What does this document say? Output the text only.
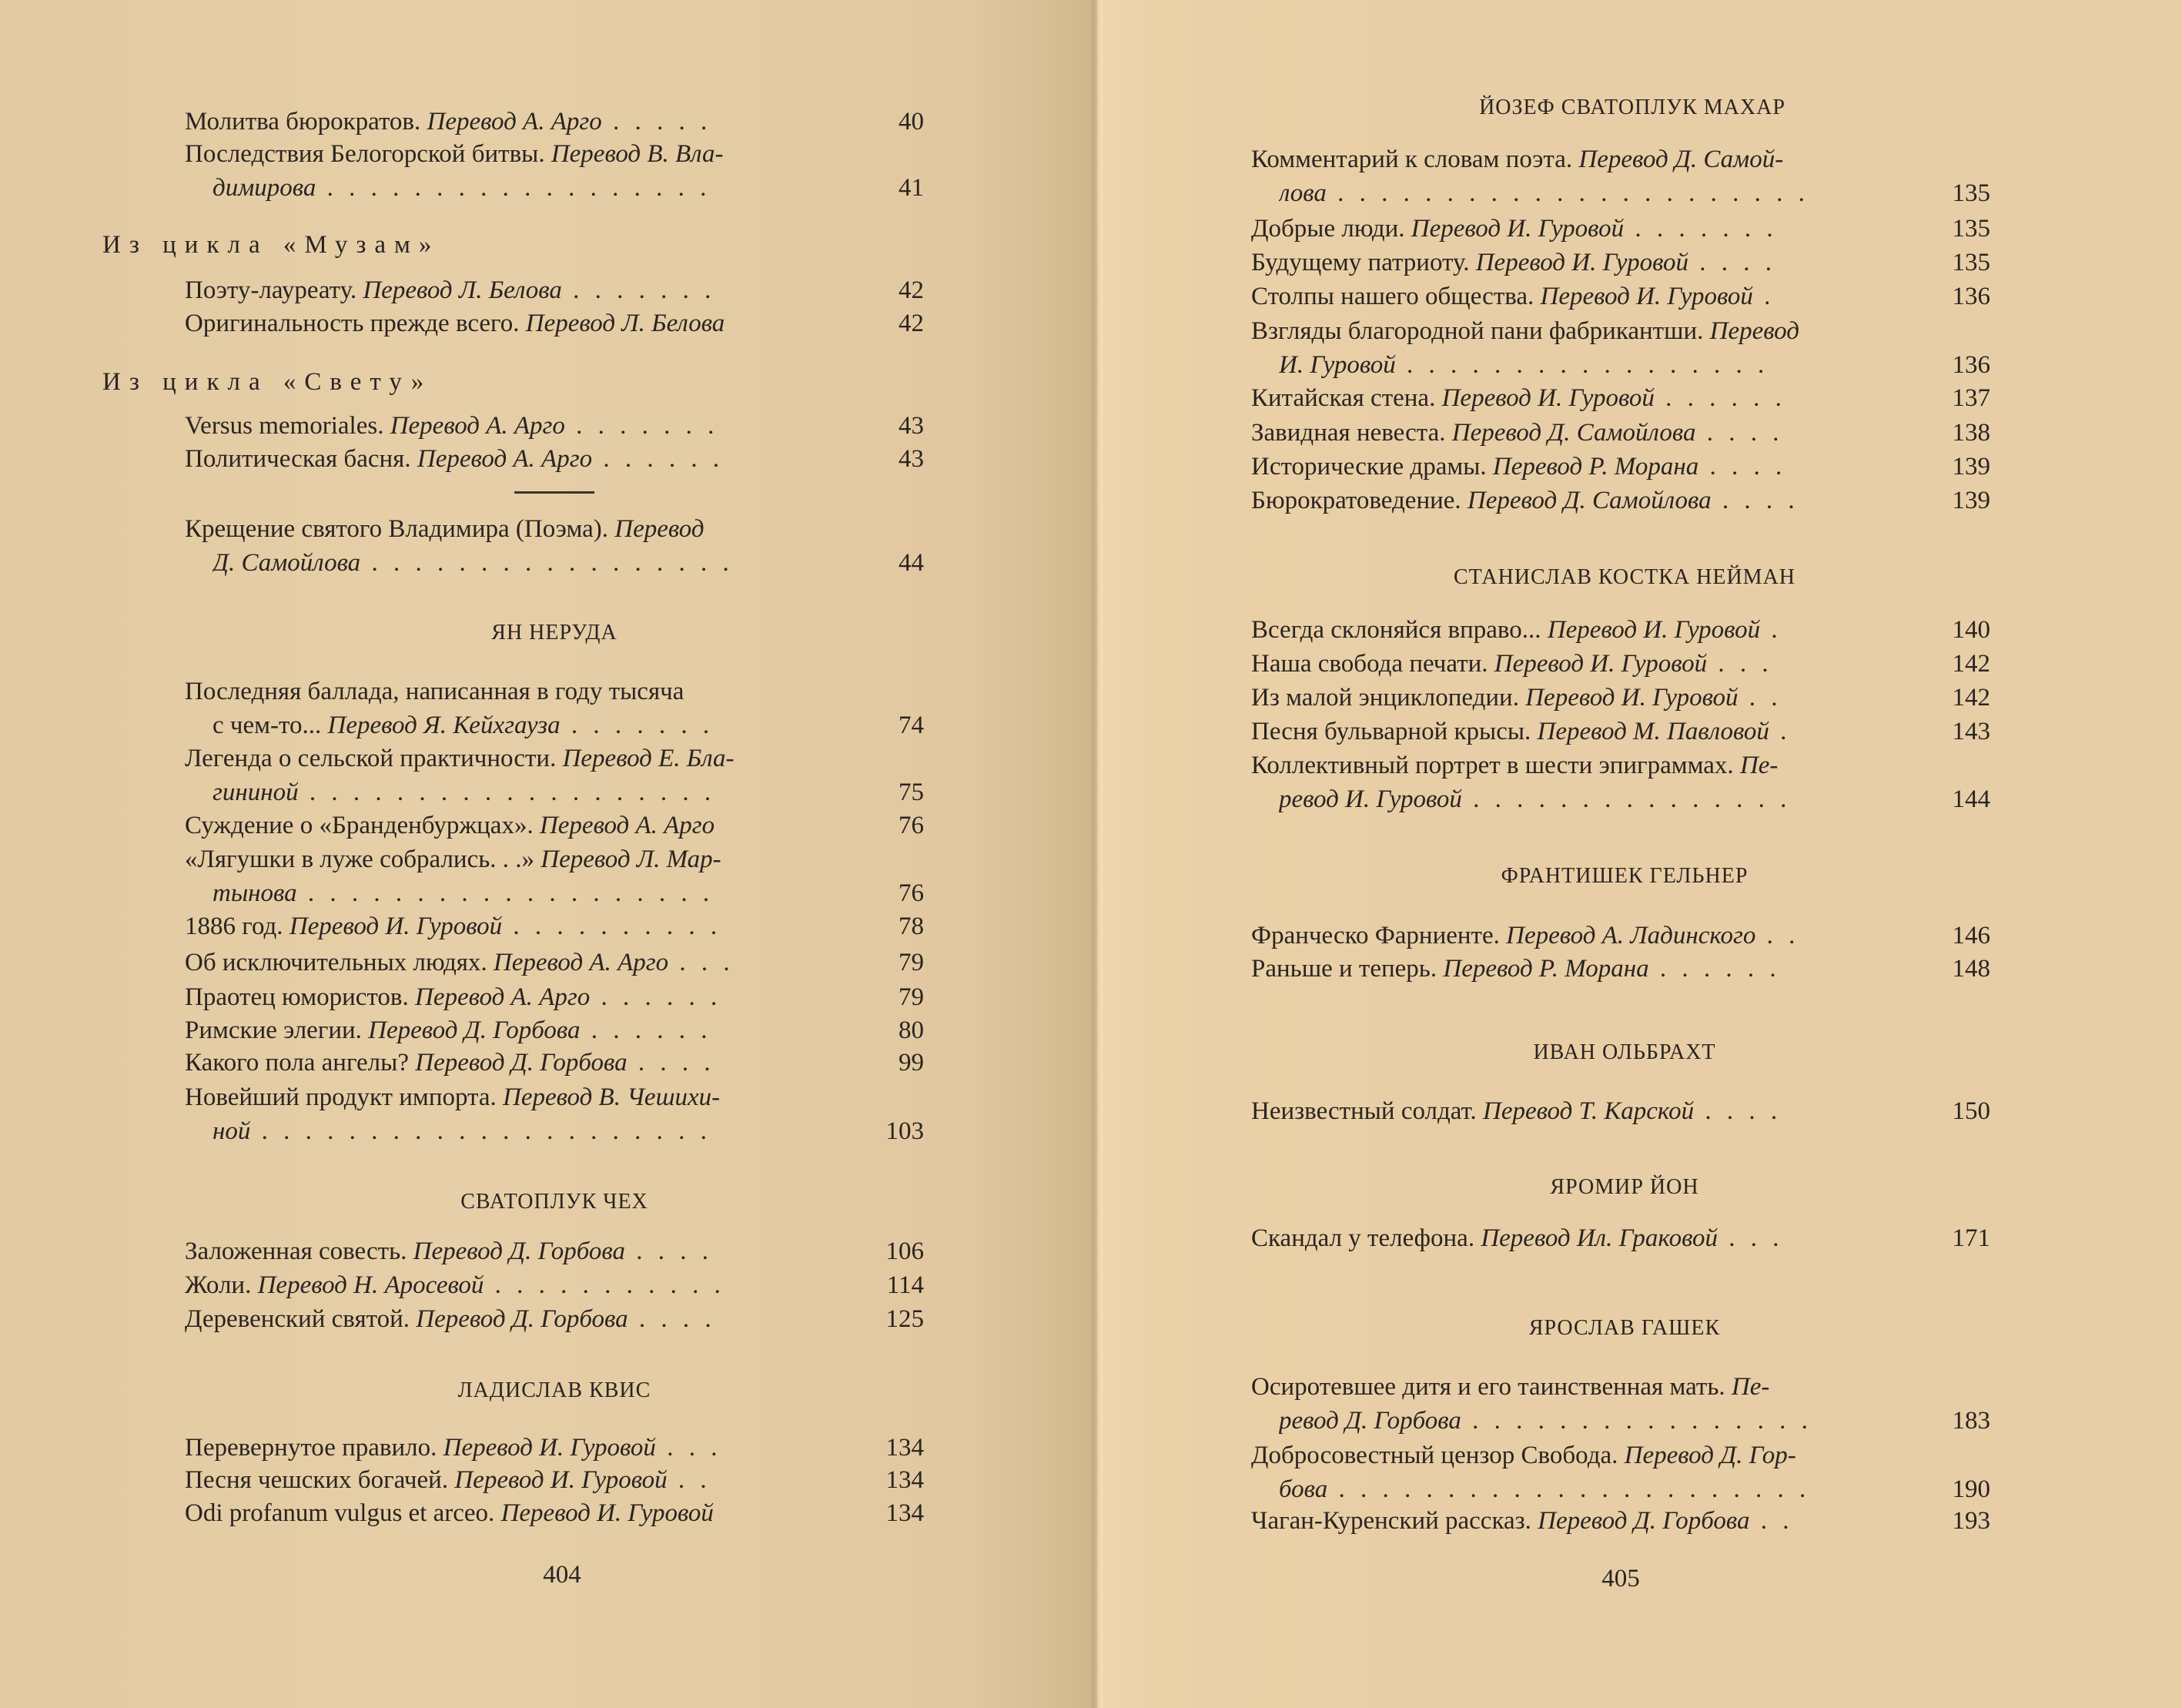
Молитва бюрократов. Перевод А. Арго . . . . .	40
Последствия Белогорской битвы. Перевод В. Вла-
димирова . . . . . . . . . . . . . . . . . .	41
Из цикла «Музам»
Поэту-лауреату. Перевод Л. Белова . . . . . . .	42
Оригинальность прежде всего. Перевод Л. Белова	42
Из цикла «Свету»
Versus memoriales. Перевод А. Арго . . . . . . .	43
Политическая басня. Перевод А. Арго . . . . . .	43
Крещение святого Владимира (Поэма). Перевод
Д. Самойлова . . . . . . . . . . . . . . . . .	44
ЯН НЕРУДА
Последняя баллада, написанная в году тысяча
с чем-то... Перевод Я. Кейхгауза . . . . . . .	74
Легенда о сельской практичности. Перевод Е. Бла-
гининой . . . . . . . . . . . . . . . . . . .	75
Суждение о «Бранденбуржцах». Перевод А. Арго	76
«Лягушки в луже собрались. . .» Перевод Л. Мар-
тынова . . . . . . . . . . . . . . . . . . .	76
1886 год. Перевод И. Гуровой . . . . . . . . . .	78
Об исключительных людях. Перевод А. Арго . . .	79
Праотец юмористов. Перевод А. Арго . . . . . .	79
Римские элегии. Перевод Д. Горбова . . . . . .	80
Какого пола ангелы? Перевод Д. Горбова . . . .	99
Новейший продукт импорта. Перевод В. Чешихи-
ной . . . . . . . . . . . . . . . . . . . . .	103
СВАТОПЛУК ЧЕХ
Заложенная совесть. Перевод Д. Горбова . . . .	106
Жоли. Перевод Н. Аросевой . . . . . . . . . . .	114
Деревенский святой. Перевод Д. Горбова . . . .	125
ЛАДИСЛАВ КВИС
Перевернутое правило. Перевод И. Гуровой . . .	134
Песня чешских богачей. Перевод И. Гуровой . .	134
Odi profanum vulgus et arceo. Перевод И. Гуровой	134
404
ЙОЗЕФ СВАТОПЛУК МАХАР
Комментарий к словам поэта. Перевод Д. Самой-
лова . . . . . . . . . . . . . . . . . . . . . .	135
Добрые люди. Перевод И. Гуровой . . . . . . .	135
Будущему патриоту. Перевод И. Гуровой . . . .	135
Столпы нашего общества. Перевод И. Гуровой .	136
Взгляды благородной пани фабрикантши. Перевод
И. Гуровой . . . . . . . . . . . . . . . . .	136
Китайская стена. Перевод И. Гуровой . . . . . .	137
Завидная невеста. Перевод Д. Самойлова . . . .	138
Исторические драмы. Перевод Р. Морана . . . .	139
Бюрократоведение. Перевод Д. Самойлова . . . .	139
СТАНИСЛАВ КОСТКА НЕЙМАН
Всегда склоняйся вправо... Перевод И. Гуровой .	140
Наша свобода печати. Перевод И. Гуровой . . .	142
Из малой энциклопедии. Перевод И. Гуровой . .	142
Песня бульварной крысы. Перевод М. Павловой .	143
Коллективный портрет в шести эпиграммах. Пе-
ревод И. Гуровой . . . . . . . . . . . . . . .	144
ФРАНТИШЕК ГЕЛЬНЕР
Франческо Фарниенте. Перевод А. Ладинского . .	146
Раньше и теперь. Перевод Р. Морана . . . . . .	148
ИВАН ОЛЬБРАХТ
Неизвестный солдат. Перевод Т. Карской . . . .	150
ЯРОМИР ЙОН
Скандал у телефона. Перевод Ил. Граковой . . .	171
ЯРОСЛАВ ГАШЕК
Осиротевшее дитя и его таинственная мать. Пе-
ревод Д. Горбова . . . . . . . . . . . . . . . .	183
Добросовестный цензор Свобода. Перевод Д. Гор-
бова . . . . . . . . . . . . . . . . . . . . . .	190
Чаган-Куренский рассказ. Перевод Д. Горбова . .	193
405
